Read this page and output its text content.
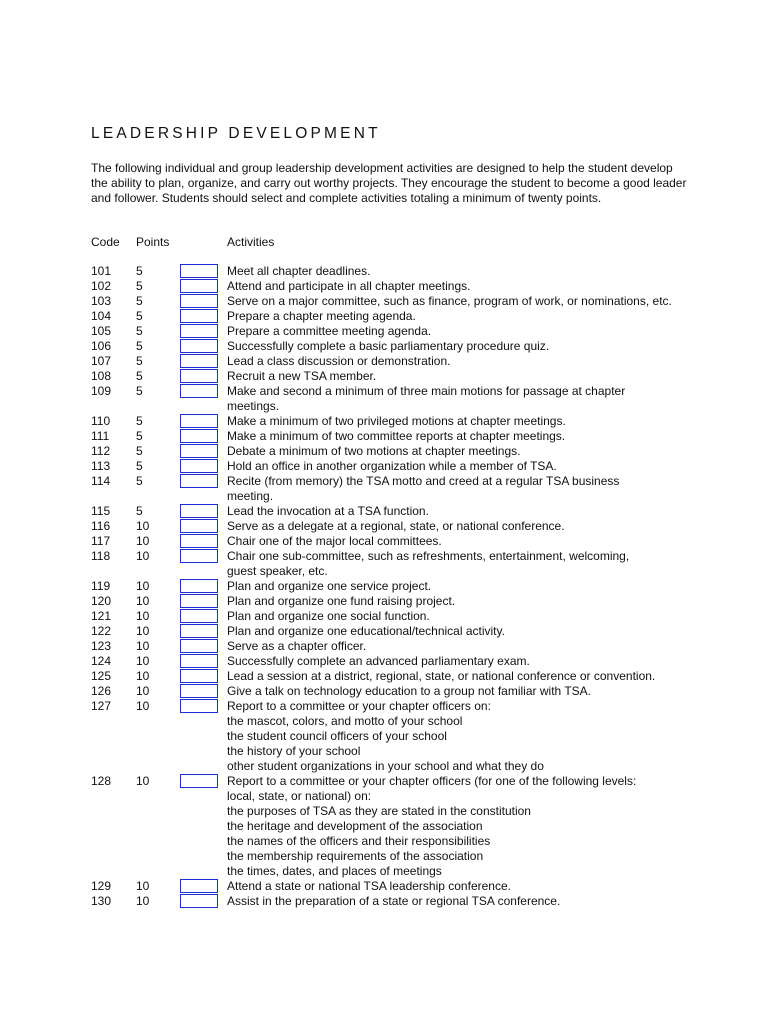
LEADERSHIP DEVELOPMENT
The following individual and group leadership development activities are designed to help the student develop the ability to plan, organize, and carry out worthy projects. They encourage the student to become a good leader and follower. Students should select and complete activities totaling a minimum of twenty points.
Code Points	Activities
101 5	Meet all chapter deadlines.
102 5	Attend and participate in all chapter meetings.
103 5	Serve on a major committee, such as finance, program of work, or nominations, etc.
104 5	Prepare a chapter meeting agenda.
105 5	Prepare a committee meeting agenda.
106 5	Successfully complete a basic parliamentary procedure quiz.
107 5	Lead a class discussion or demonstration.
108 5	Recruit a new TSA member.
109 5	Make and second a minimum of three main motions for passage at chapter
meetings.
110 5	Make a minimum of two privileged motions at chapter meetings.
111 5	Make a minimum of two committee reports at chapter meetings.
112 5	Debate a minimum of two motions at chapter meetings.
113 5	Hold an office in another organization while a member of TSA.
114 5	Recite (from memory) the TSA motto and creed at a regular TSA business
meeting.
115 5	Lead the invocation at a TSA function.
116 10	Serve as a delegate at a regional, state, or national conference.
117 10	Chair one of the major local committees.
118 10	Chair one sub-committee, such as refreshments, entertainment, welcoming,
guest speaker, etc.
119 10	Plan and organize one service project.
120 10	Plan and organize one fund raising project.
121 10	Plan and organize one social function.
122 10	Plan and organize one educational/technical activity.
123 10	Serve as a chapter officer.
124 10	Successfully complete an advanced parliamentary exam.
125 10	Lead a session at a district, regional, state, or national conference or convention.
126 10	Give a talk on technology education to a group not familiar with TSA.
127 10	Report to a committee or your chapter officers on:
the mascot, colors, and motto of your school
the student council officers of your school
the history of your school
other student organizations in your school and what they do
128 10	Report to a committee or your chapter officers (for one of the following levels:
local, state, or national) on:
the purposes of TSA as they are stated in the constitution
the heritage and development of the association
the names of the officers and their responsibilities
the membership requirements of the association
the times, dates, and places of meetings
129 10	Attend a state or national TSA leadership conference.
130 10	Assist in the preparation of a state or regional TSA conference.
